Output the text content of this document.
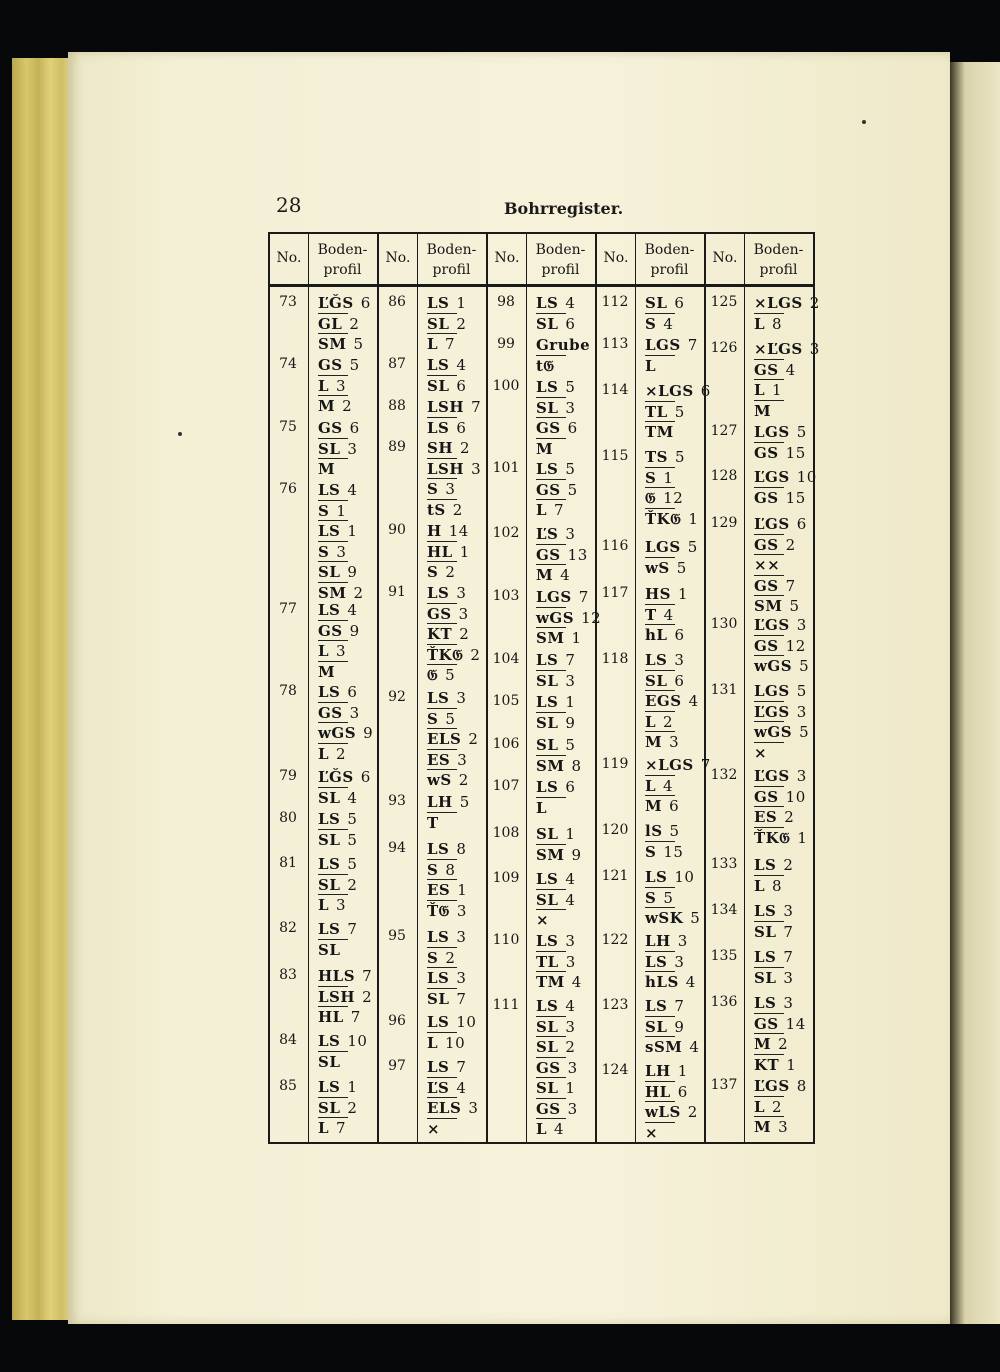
28	Bohrregister.
No.	Boden-
profil
No.	Boden-
profil
No.	Boden-
profil
No.	Boden-
profil
No.	Boden-
profil
73	ĽǦS 6
GL 2
SM 5
74	GS 5
L 3
M 2
75	GS 6
SL 3
M
76	LS 4
S 1
LS 1
S 3
SL 9
SM 2
77	LS 4
GS 9
L 3
M
78	LS 6
GS 3
wGS 9
L 2
79	ĽǦS 6
SL 4
80	LS 5
SL 5
81	LS 5
SL 2
L 3
82	LS 7
SL
83	HLS 7
LSH 2
HL 7
84	LS 10
SL
85	LS 1
SL 2
L 7
86	LS 1
SL 2
L 7
87	LS 4
SL 6
88	LSH 7
LS 6
89	SH 2
LSH 3
S 3
tS 2
90	H 14
HL 1
S 2
91	LS 3
GS 3
KT 2
ŤK𝔊 2
𝔊 5
92	LS 3
S 5
ELS 2
ES 3
wS 2
93	LH 5
T
94	LS 8
S 8
ES 1
Ť𝔊 3
95	LS 3
S 2
LS 3
SL 7
96	LS 10
L 10
97	LS 7
ĽS 4
ELS 3
×
98	LS 4
SL 6
99	Grube
t𝔊
100 LS 5
SL 3
GS 6
M
101 LS 5
GS 5
L 7
102 ĽS 3
GS 13
M 4
103 LGS 7
wGS 12
SM 1
104 LS 7
SL 3
105 LS 1
SL 9
106 SL 5
SM 8
107 LS 6
L
108 SL 1
SM 9
109 LS 4
SL 4
×
110 LS 3
TL 3
TM 4
111 LS 4
SL 3
SL 2
GS 3
SL 1
GS 3
L 4
112 SL 6
S 4
113 LGS 7
L
114 ×LGS 6
TL 5
TM
115 TS 5
S 1
𝔊 12
ŤK𝔊 1
116 LGS 5
wS 5
117 HS 1
T 4
hL 6
118 LS 3
SL 6
EGS 4
L 2
M 3
119 ×LGS 7
L 4
M 6
120 lS 5
S 15
121 LS 10
S 5
wSK 5
122 LH 3
LS 3
hLS 4
123 LS 7
SL 9
sSM 4
124 LH 1
HL 6
wLS 2
×
125 ×LGS 2
L 8
126 ×ĽGS 3
GS 4
L 1
M
127 LGS 5
GS 15
128 ĽGS 10
GS 15
129 ĽGS 6
GS 2
××
GS 7
SM 5
130 ĽGS 3
GS 12
wGS 5
131 LGS 5
ĽGS 3
wGS 5
×
132 ĽGS 3
GS 10
ES 2
ŤK𝔊 1
133 LS 2
L 8
134 LS 3
SL 7
135 LS 7
SL 3
136 LS 3
GS 14
M 2
KT 1
137 ĽGS 8
L 2
M 3
